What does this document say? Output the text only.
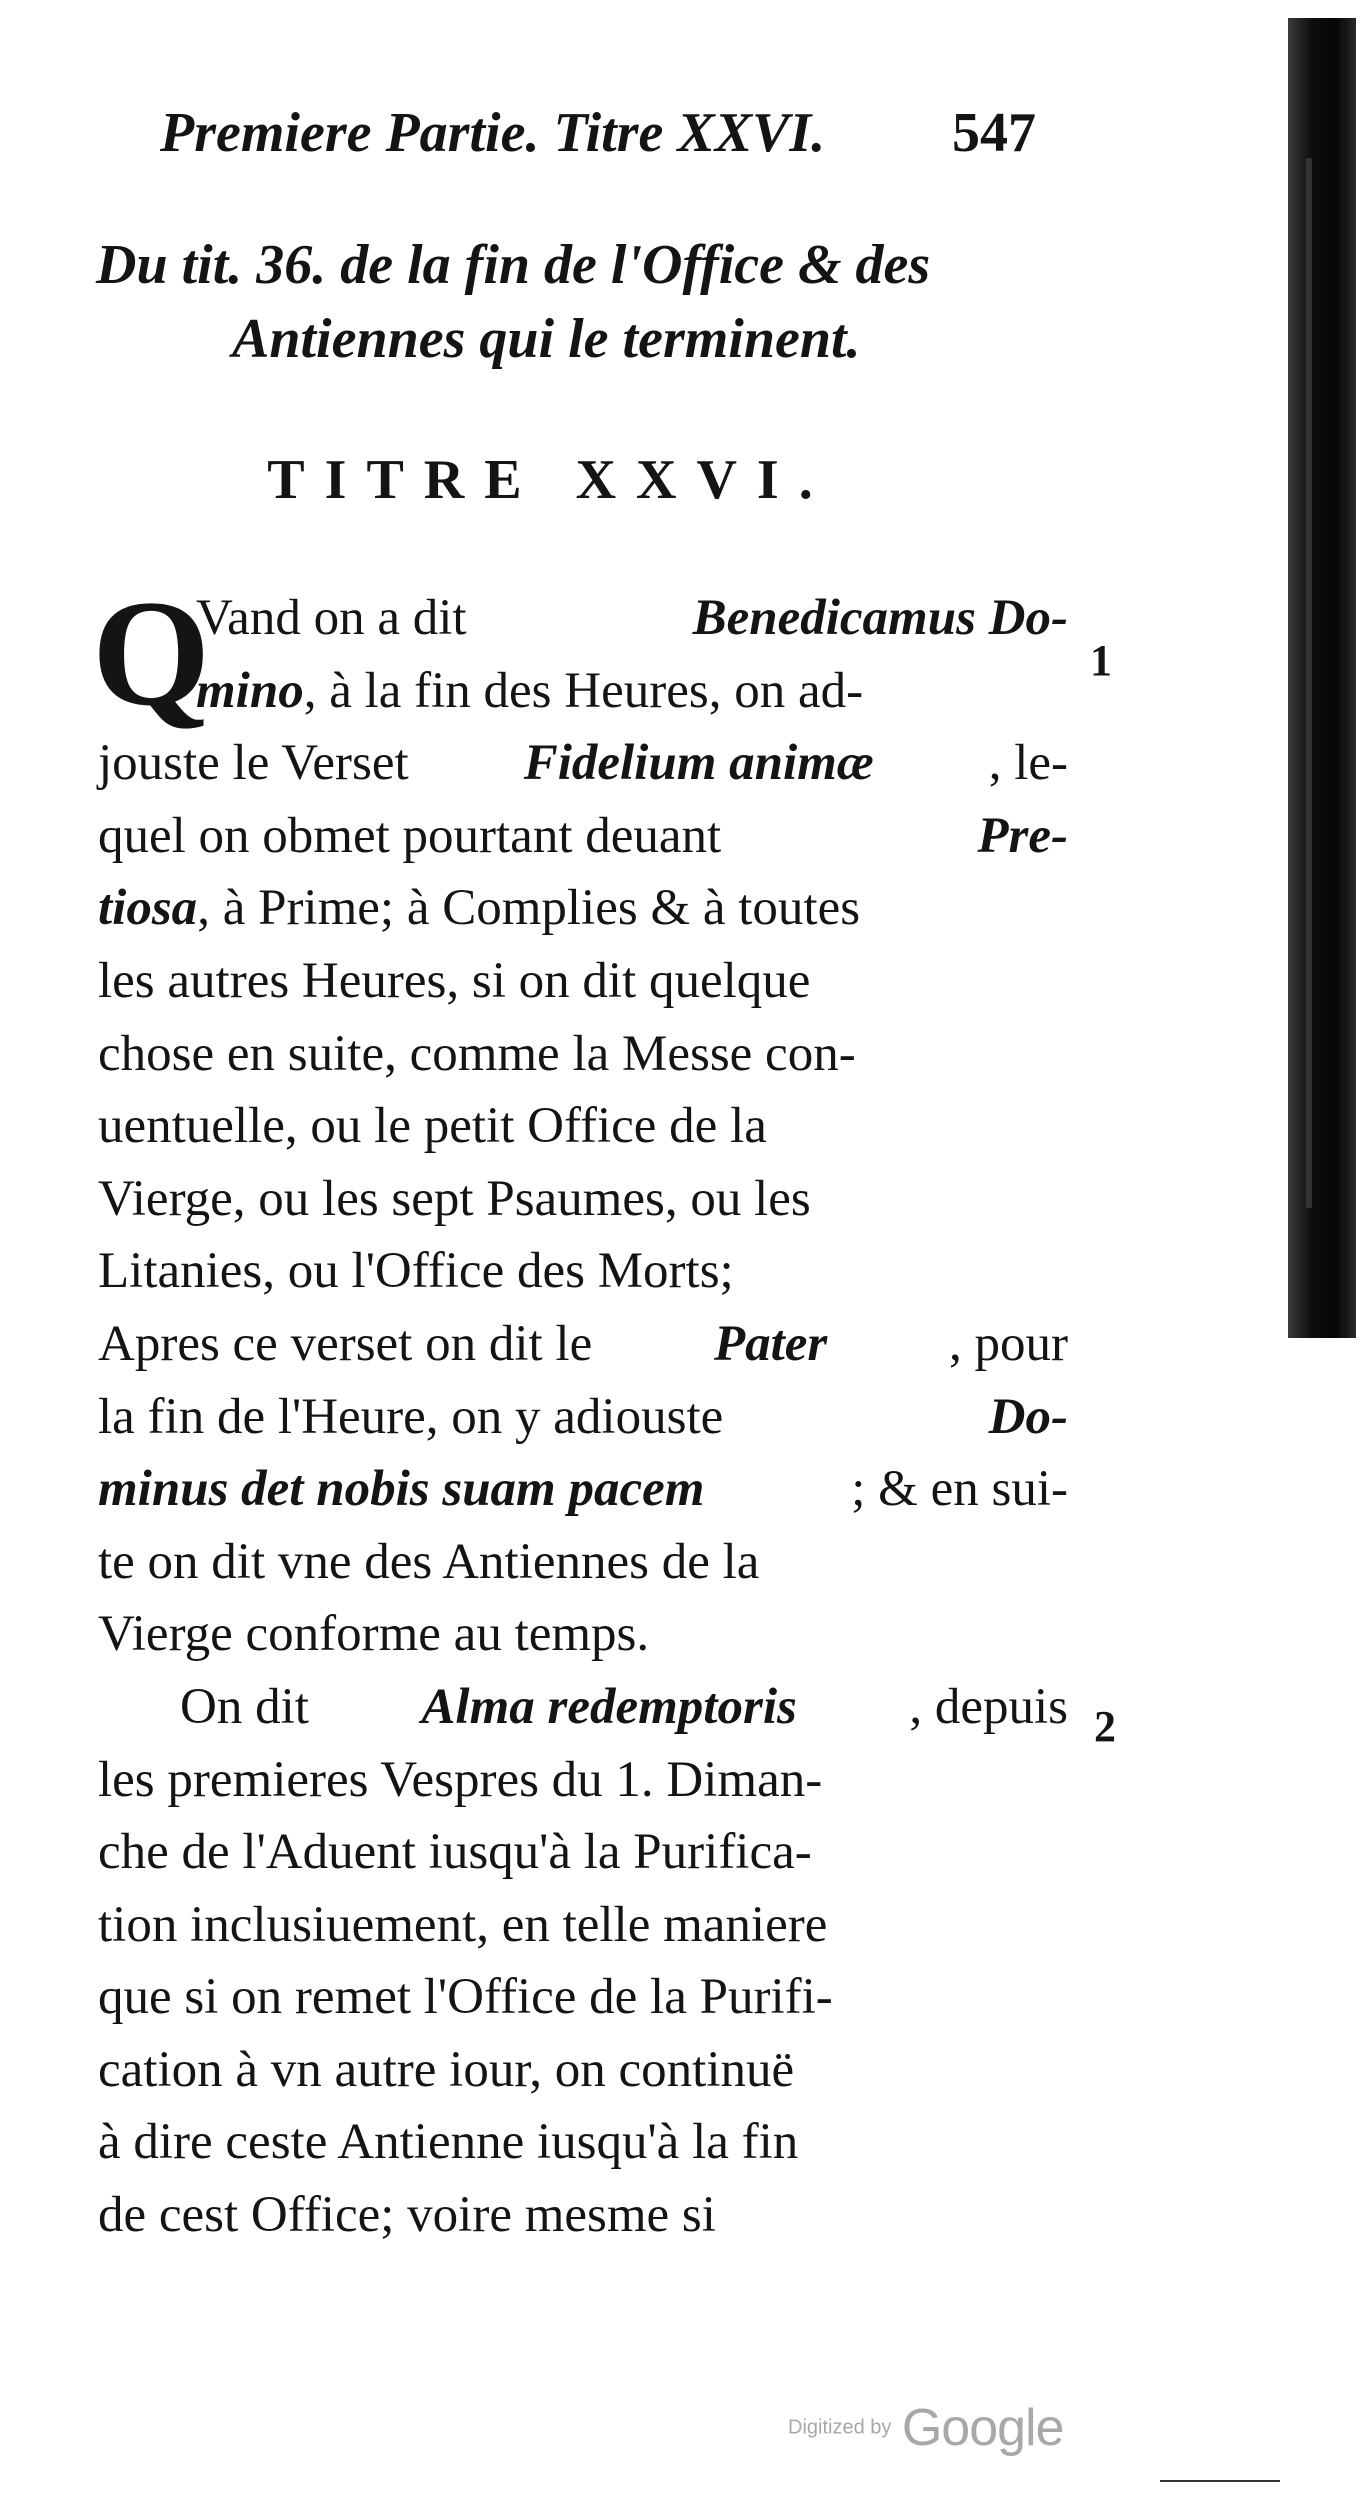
Premiere Partie. Titre XXVI. 547
Du tit. 36. de la fin de l'Office & des
Antiennes qui le terminent.
TITRE XXVI.
Q	1
2
Vand on a dit	Benedicamus Do-
mino, à la fin des Heures, on ad-
jouste le Verset Fidelium animæ , le-
quel on obmet pourtant deuant	Pre-
tiosa, à Prime; à Complies & à toutes
les autres Heures, si on dit quelque
chose en suite, comme la Messe con-
uentuelle, ou le petit Office de la
Vierge, ou les sept Psaumes, ou les
Litanies, ou l'Office des Morts;
Apres ce verset on dit le Pater , pour
la fin de l'Heure, on y adiouste	Do-
minus det nobis suam pacem	; & en sui-
te on dit vne des Antiennes de la
Vierge conforme au temps.
On dit Alma redemptoris , depuis
les premieres Vespres du 1. Diman-
che de l'Aduent iusqu'à la Purifica-
tion inclusiuement, en telle maniere
que si on remet l'Office de la Purifi-
cation à vn autre iour, on continuë
à dire ceste Antienne iusqu'à la fin
de cest Office; voire mesme si
Digitized by Google
